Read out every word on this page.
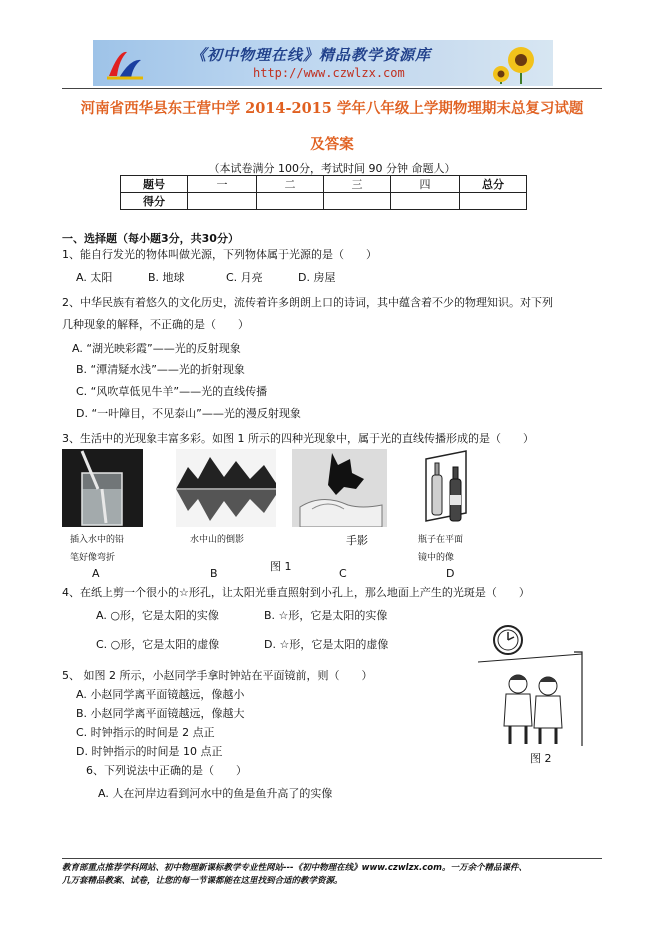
《初中物理在线》精品教学资源库
http://www.czwlzx.com
河南省西华县东王营中学 2014-2015 学年八年级上学期物理期末总复习试题
及答案
（本试卷满分 100分，考试时间 90 分钟 命题人）
题号	一	二	三	四	总分
得分					
一、选择题（每小题3分，共30分）
1、能自行发光的物体叫做光源，下列物体属于光源的是（　　）
A. 太阳	B. 地球	C. 月亮	D. 房屋
2、中华民族有着悠久的文化历史，流传着许多朗朗上口的诗词，其中蕴含着不少的物理知识。对下列
几种现象的解释，不正确的是（　　）
A. “湖光映彩霞”——光的反射现象
B. “潭清疑水浅”——光的折射现象
C. “风吹草低见牛羊”——光的直线传播
D. “一叶障目，不见泰山”——光的漫反射现象
3、生活中的光现象丰富多彩。如图 1 所示的四种光现象中，属于光的直线传播形成的是（　　）
插入水中的铅
笔好像弯折
水中山的倒影	手影	瓶子在平面
镜中的像
A	B
图 1
C	D
4、在纸上剪一个很小的☆形孔，让太阳光垂直照射到小孔上，那么地面上产生的光斑是（　　）
A. ○形，它是太阳的实像	B. ☆形，它是太阳的实像
C. ○形，它是太阳的虚像	D. ☆形，它是太阳的虚像
图 2
5、 如图 2 所示，小赵同学手拿时钟站在平面镜前，则（　　）
A. 小赵同学离平面镜越远，像越小
B. 小赵同学离平面镜越远，像越大
C. 时钟指示的时间是 2 点正
D. 时钟指示的时间是 10 点正
6、下列说法中正确的是（　　）
A. 人在河岸边看到河水中的鱼是鱼升高了的实像
教育部重点推荐学科网站、初中物理新课标教学专业性网站---《初中物理在线》www.czwlzx.com。一万余个精品课件、
几万套精品教案、试卷，让您的每一节课都能在这里找到合适的教学资源。
